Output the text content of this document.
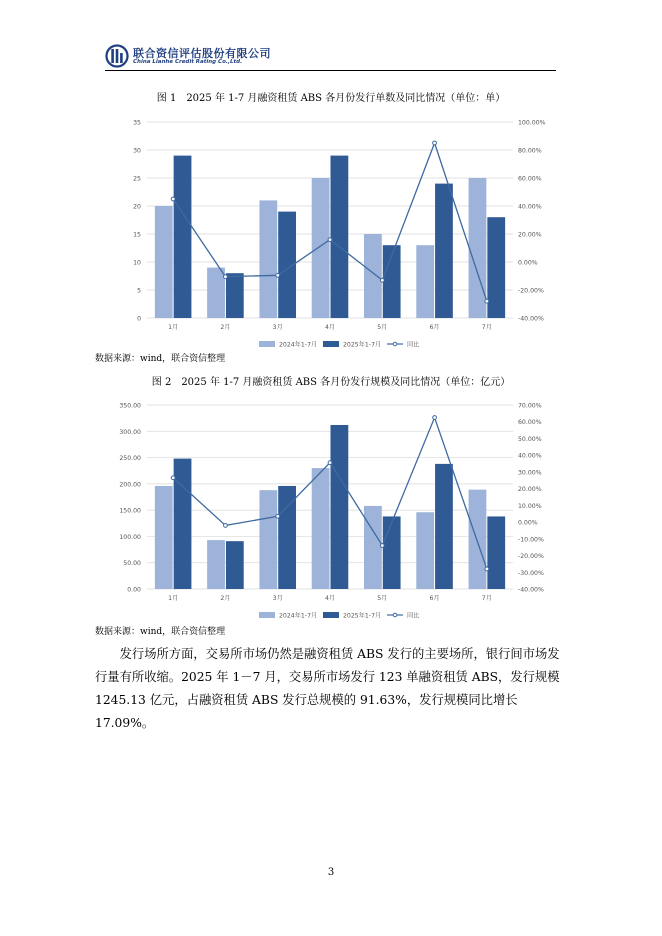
联合资信评估股份有限公司
China Lianhe Credit Rating Co.,Ltd.
图 1　2025 年 1-7 月融资租赁 ABS 各月份发行单数及同比情况（单位：单）
0
5
10
15
20
25
30
35
-40.00%
-20.00%
0.00%
20.00%
40.00%
60.00%
80.00%
100.00%
1月	2月	3月	4月	5月	6月	7月
2024年1-7月	2025年1-7月	同比
数据来源：wind，联合资信整理
图 2　2025 年 1-7 月融资租赁 ABS 各月份发行规模及同比情况（单位：亿元）
0.00
50.00
100.00
150.00
200.00
250.00
300.00
350.00
-40.00%
-30.00%
-20.00%
-10.00%
0.00%
10.00%
20.00%
30.00%
40.00%
50.00%
60.00%
70.00%
1月	2月	3月	4月	5月	6月	7月
2024年1-7月	2025年1-7月	同比
数据来源：wind，联合资信整理

发行场所方面，交易所市场仍然是融资租赁 ABS 发行的主要场所，银行间市场发行量有所收缩。2025 年 1－7 月，交易所市场发行 123 单融资租赁 ABS，发行规模 1245.13 亿元，占融资租赁 ABS 发行总规模的 91.63%，发行规模同比增长 17.09%。

3
